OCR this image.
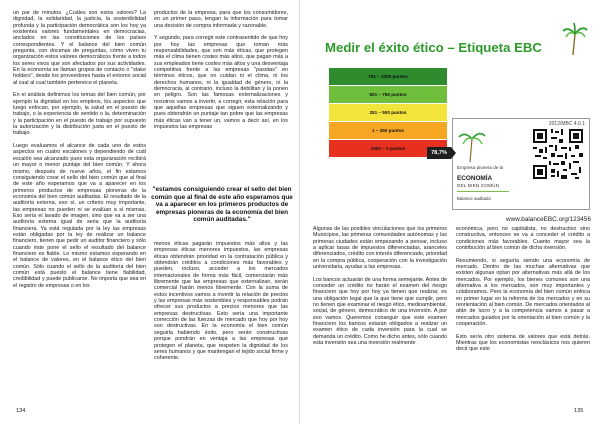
un par de minutos. ¿Cuáles son estos valores? La dignidad, la solidaridad, la justicia, la sostenibilidad profunda y la participación democrática son los hoy ya existentes valores fundamentales en democracias, anclados en las constituciones de los países correspondientes. Y el balance del bien común pregunta, con docenas de preguntas, cómo viven tu organización estos valores democráticos frente a todos los seres vivos que son afectados por sus actividades. En la economía se llaman grupos de contacto o "stake holders", desde los proveedores hasta el entorno social al cual al cual también pertenece el planeta.

En el análisis definimos los temas del bien común, por ejemplo la dignidad en los empleos, los aspectos que luego enfocan, por ejemplo, la salud en el puesto de trabajo, o la experiencia de sentido o la, determinación y la participación en el puesto de trabajo por supuesto la autorización y la distribución justa en el puesto de trabajo.

Luego evaluamos el alcance de cada uno de estos aspectos en cuatro escalones y dependiendo de cuál escalón sea alcanzado pues esta organización recibirá un mayor o menor puntaje del bien común. Y ahora mismo, después de nueve años, el fin estamos consiguiendo crear el sello del bien común que al final de este año esperamos que va a aparecer en los primeros productos de empresas pioneras de la economía del bien común auditadas. El resultado de la auditoría externa, eso sí, un criterio muy importante, las empresas no pueden ni se evalúan a sí mismas. Eso sería el lavado de imagen, sino que va a ser una auditoría externa igual de seria que la auditoría financiera. Ya está regulada por la ley las empresas están obligadas por la ley de realizar un balance financiero, tienen que pedir un auditor financiero y sólo cuando éste pone el sello el resultado del balance financiero es fiable. Lo mismo estamos esperando en el balance de valores, en el balance ético del bien común. Sólo cuando el sello de la auditoría del bien común está puesto el balance tiene fiabilidad, credibilidad y puede publicarse. No importa que sea en el registro de empresas o en los

productos de la empresa, para que los consumidores, en un primer paso, tengan la información para tomar una decisión de compra informada y razonable.

Y segundo, para corregir este contrasentido de que hoy por hoy las empresas que toman más responsabilidades, que son más éticas, que protegen más el clima tienen costes más altos, que pagan más a sus empleados tiene costes más altos y una desventaja competitiva frente a las empresas "pasotas" en términos éticos, que no cuidan ni el clima, ni los derechos humanos, ni la igualdad de género, ni la democracia, al contrario, incluso la debilitan y la ponen en peligro. Son las famosas externalizaciones y nosotros vamos a invertir, a corregir, esta relación para que aquellas empresas que siguen externalizando y pues obtendrán un puntaje tan pobre que las empresas más éticas van a tener un, vamos a decir así, en los impuestos las empresas

"estamos consiguiendo crear el sello del bien común que al final de este año esperamos que va a aparecer en los primeros productos de empresas pioneras de la economía del bien común auditadas."

menos éticas pagarán impuestos más altos y las empresas éticas menores impuestos, las empresas éticas obtendrán prioridad en la contratación pública y obtendrán créditos a condiciones más favorables y pueden, incluso, acceder a los mercados internacionales de forma más fácil, comerciarán más libremente que las empresas que externalizan, serán comercial harán menos libremente. Con la suma de estos incentivos vamos a invertir la relación de precios y las empresas más sostenibles y responsables podrán ofrecer sus productos a precios menores que las empresas destructivas. Esto sería una importante corrección de las fuerzas de mercado que hoy por hoy son destructivas. En la economía el bien común seguirla habiendo éxito, pero serán constructivas porque pondrán en ventaja a las empresas que protegen el planeta, que respeten la dignidad de los seres humanos y que mantengan el tejido social firme y coherente.

134
Medir el éxito ético – Etiqueta EBC
751 – 1000 puntos
501 – 750 puntos
251 – 500 puntos
1 – 250 puntos
1000 – 0 puntos
2012/MBC 4.0.1
78,7%
Empresa pionera de la
ECONOMÍA
DEL BIEN COMÚN
Balance auditado
www.balanceEBC.org/123456

Algunas de las posibles vinculaciones que los primeros Municipios, las primeras comunidades autónomas y las primeras ciudades están empezando a pensar, incluso a aplicar tasas de impuestos diferenciadas, aranceles diferenciados, crédito con interés diferenciado, prioridad en la compra pública, cooperación con la investigación universitaria, ayudas a las empresas.

Los bancos actuarán de una forma semejante. Antes de conceder un crédito no harán el examen del riesgo financiero que hoy por hoy ya tienen que realizar, es una obligación legal que la que tiene que cumplir, pero no tienen que examinar el riesgo ético, medioambiental, social, de género, democrático de una inversión. A por eso vamos. Queremos conseguir que este examen financiero los bancos estarán obligados a realizar un examen ético de cada inversión para la cual se demanda un crédito. Como he dicho antes, sólo cuando esta inversión sea una inversión realmente

económica, pero no capitalista, no destructivo sino constructiva, entonces se va a conceder el crédito a condiciones más favorables. Cuanto mayor sea la contribución al bien común de dicha inversión.

Resumiendo, si seguiría siendo una economía de mercado. Dentro de las muchas alternativas que existen algunas optan por alternativas más allá de los mercados. Por ejemplo, los bienes comunes son una alternativa a los mercados, son muy importantes y colaboramos. Pero la economía del bien común enfoca en primer lugar en la reforma de los mercados y en su reorientación al bien común. De mercados orientados al afán de lucro y a la competencia vamos a pasar a mercados guiados por la orientación al bien común y la cooperación.

Esto sería otro sistema de valores que está detrás. Mientras que los economistas neoclásicos nos quieren decir que este

135
